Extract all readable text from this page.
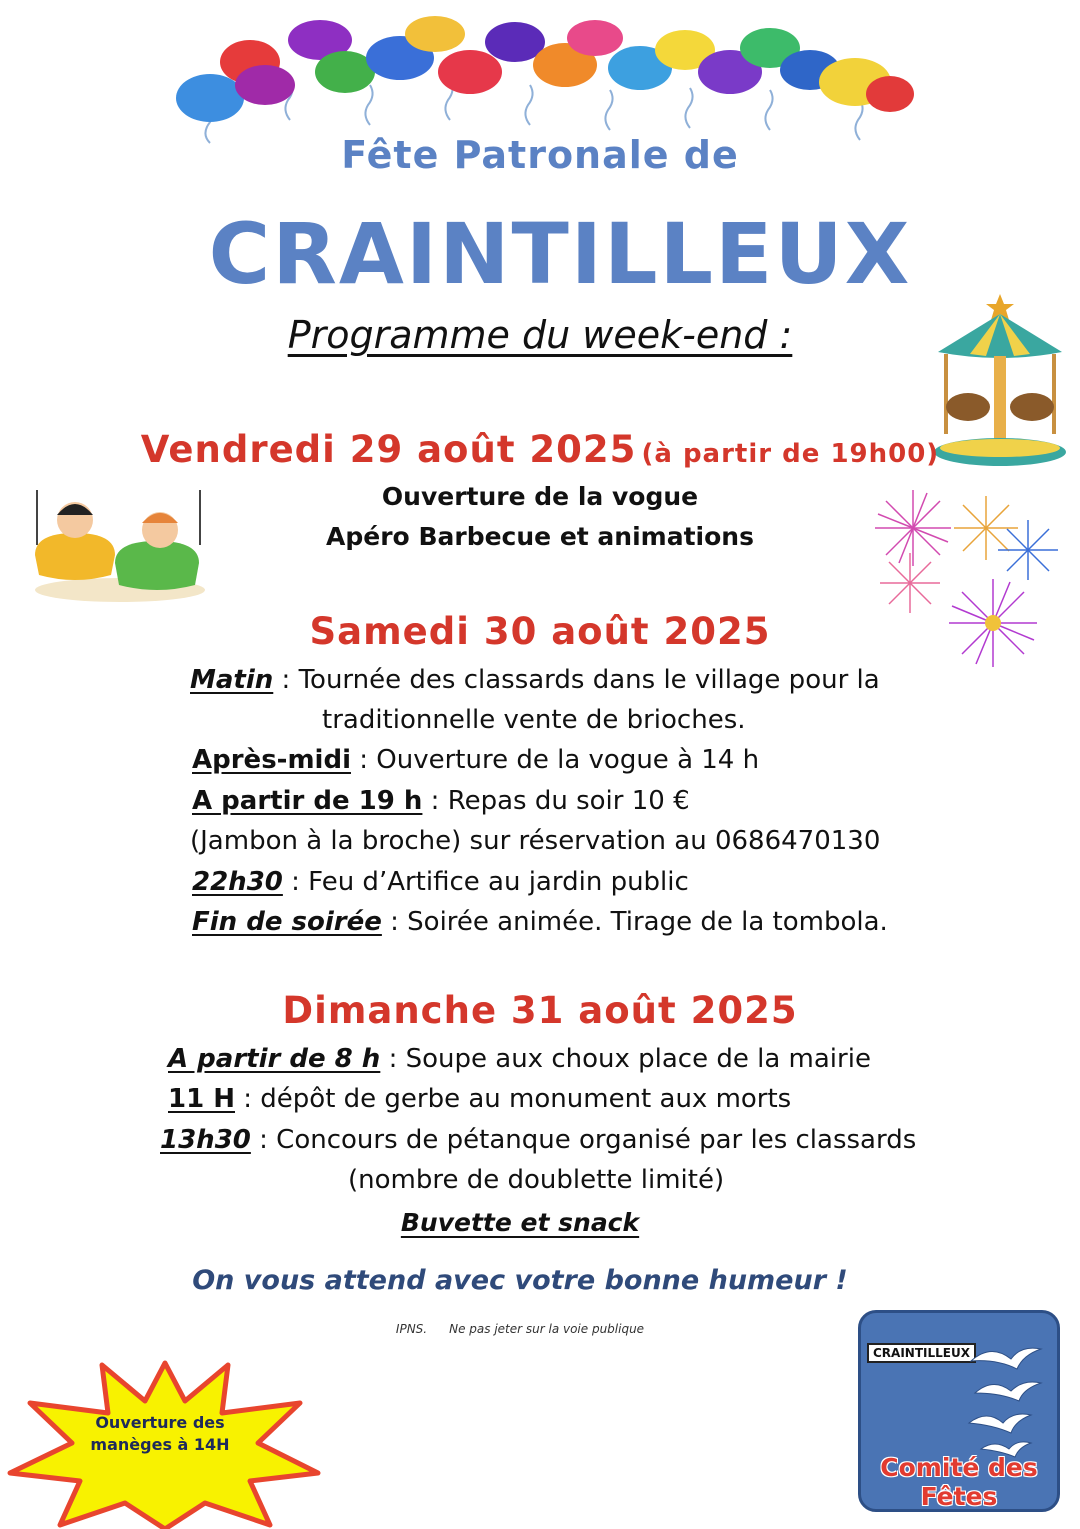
Fête Patronale de
CRAINTILLEUX
Programme du week-end :
Vendredi 29 août 2025 (à partir de 19h00)
Ouverture de la vogue
Apéro Barbecue et animations
Samedi 30 août 2025
Matin : Tournée des classards dans le village pour la
traditionnelle vente de brioches.
Après-midi : Ouverture de la vogue à 14 h
A partir de 19 h : Repas du soir 10 €
(Jambon à la broche) sur réservation au 0686470130
22h30 : Feu d’Artifice au jardin public
Fin de soirée : Soirée animée. Tirage de la tombola.
Dimanche 31 août 2025
A partir de 8 h : Soupe aux choux place de la mairie
11 H : dépôt de gerbe au monument aux morts
13h30 : Concours de pétanque organisé par les classards
(nombre de doublette limité)
Buvette et snack
On vous attend avec votre bonne humeur !
IPNS. Ne pas jeter sur la voie publique
Ouverture des
manèges à 14H
CRAINTILLEUX
Comité des Fêtes
